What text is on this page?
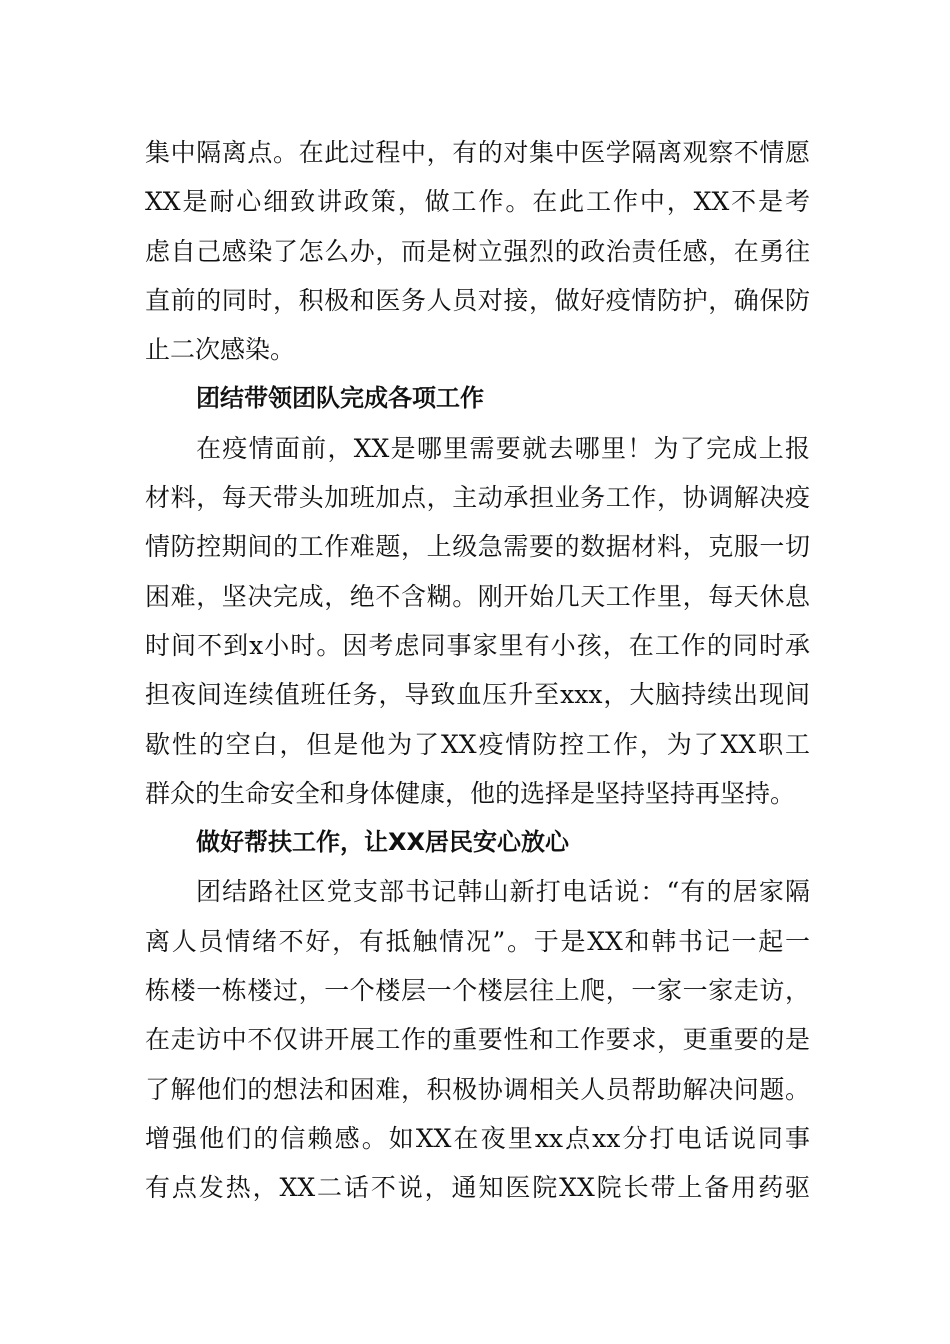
集中隔离点。在此过程中，有的对集中医学隔离观察不情愿
XX是耐心细致讲政策，做工作。在此工作中，XX不是考
虑自己感染了怎么办，而是树立强烈的政治责任感，在勇往
直前的同时，积极和医务人员对接，做好疫情防护，确保防
止二次感染。
团结带领团队完成各项工作
在疫情面前，XX是哪里需要就去哪里！为了完成上报
材料，每天带头加班加点，主动承担业务工作，协调解决疫
情防控期间的工作难题，上级急需要的数据材料，克服一切
困难，坚决完成，绝不含糊。刚开始几天工作里，每天休息
时间不到x小时。因考虑同事家里有小孩，在工作的同时承
担夜间连续值班任务，导致血压升至xxx，大脑持续出现间
歇性的空白，但是他为了XX疫情防控工作，为了XX职工
群众的生命安全和身体健康，他的选择是坚持坚持再坚持。
做好帮扶工作，让XX居民安心放心
团结路社区党支部书记韩山新打电话说：“有的居家隔
离人员情绪不好，有抵触情况”。于是XX和韩书记一起一
栋楼一栋楼过，一个楼层一个楼层往上爬，一家一家走访，
在走访中不仅讲开展工作的重要性和工作要求，更重要的是
了解他们的想法和困难，积极协调相关人员帮助解决问题。
增强他们的信赖感。如XX在夜里xx点xx分打电话说同事
有点发热，XX二话不说，通知医院XX院长带上备用药驱
